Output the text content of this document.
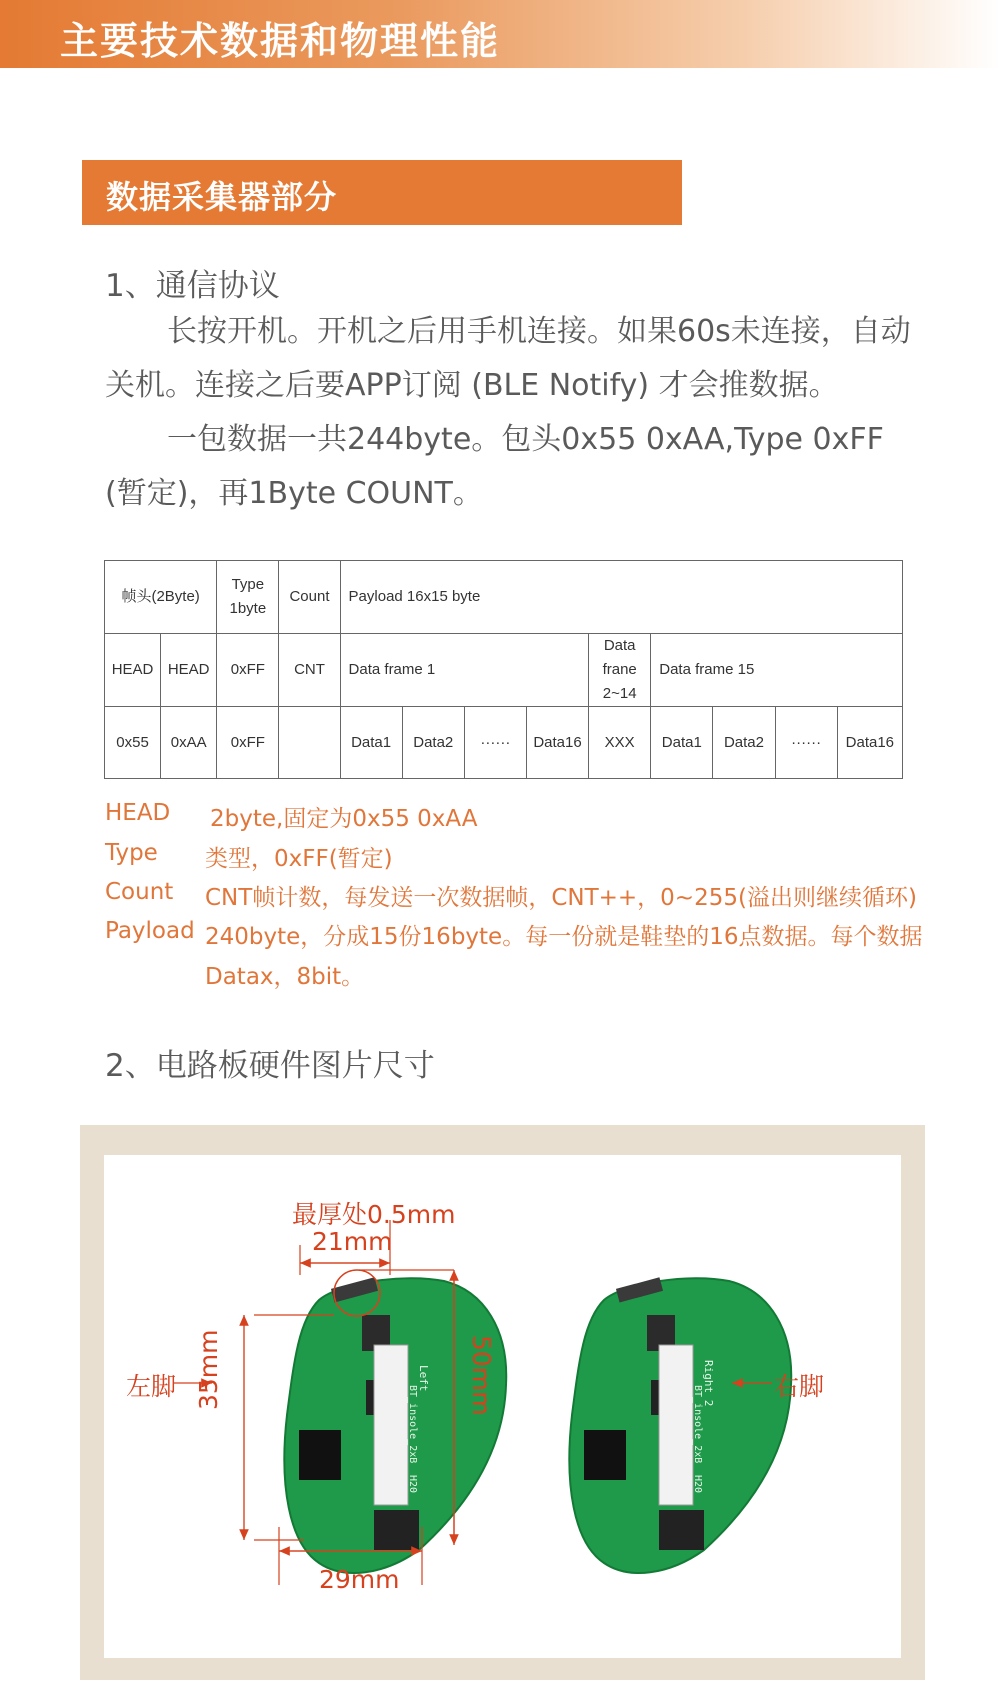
主要技术数据和物理性能
数据采集器部分
1、通信协议
长按开机。开机之后用手机连接。如果60s未连接，自动关机。连接之后要APP订阅 (BLE Notify) 才会推数据。
一包数据一共244byte。包头0x55 0xAA,Type 0xFF (暂定)，再1Byte COUNT。
帧头(2Byte)		Type 1byte	Count	Payload 16x15 byte								
HEAD	HEAD	0xFF	CNT	Data frame 1				Data frane 2~14	Data frame 15			
0x55	0xAA	0xFF		Data1	Data2	······	Data16	XXX	Data1	Data2	······	Data16
HEAD 2byte,固定为0x55 0xAA
Type 类型，0xFF(暂定)
Count CNT帧计数，每发送一次数据帧，CNT++，0~255(溢出则继续循环)
Payload 240byte，分成15份16byte。每一份就是鞋垫的16点数据。每个数据
Datax，8bit。
2、电路板硬件图片尺寸
Left
BT_insole_2xB
H20
Right 2
BT_insole_2xB
H20
最厚处0.5mm
21mm
左脚	右脚
35mm	50mm
29mm
